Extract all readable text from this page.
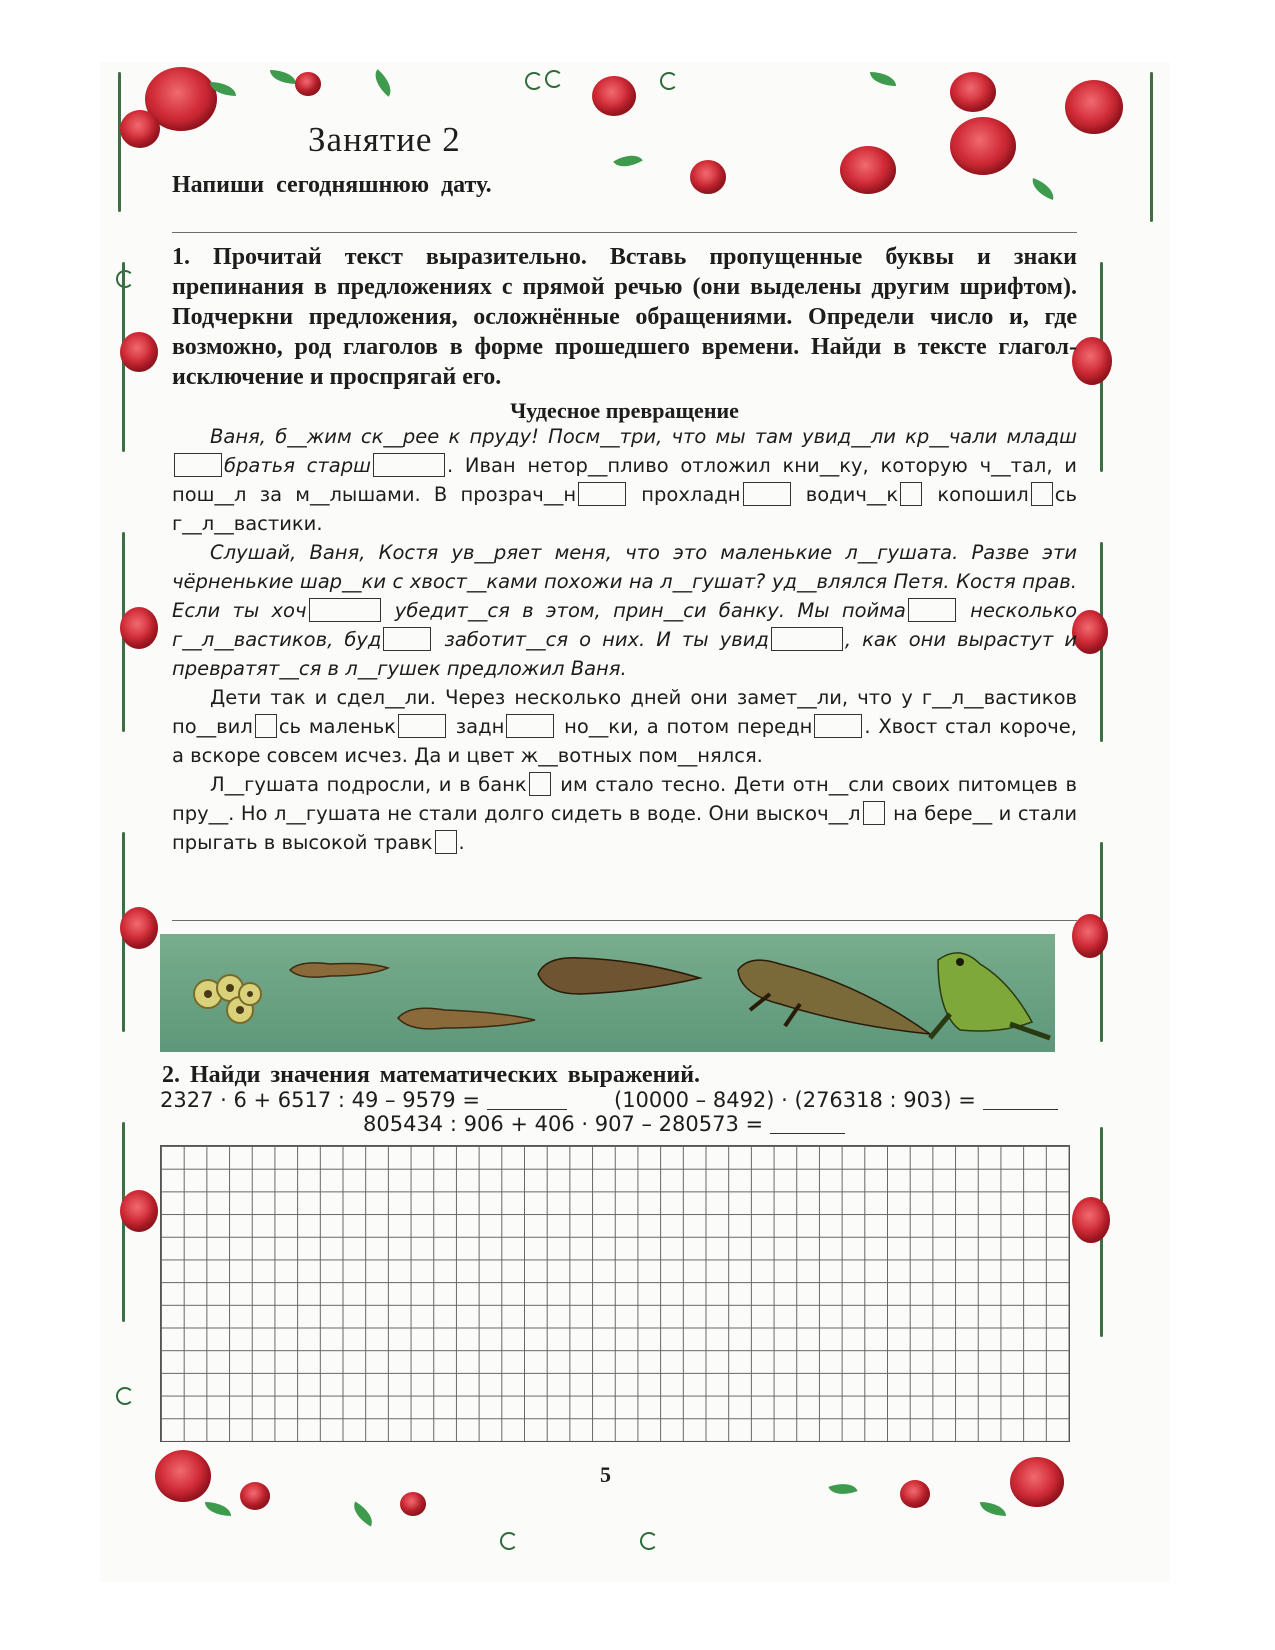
Занятие 2
Напиши сегодняшнюю дату.
1. Прочитай текст выразительно. Вставь пропущенные буквы и знаки препинания в предложениях с прямой речью (они выделены другим шрифтом). Подчеркни предложения, осложнённые обращениями. Определи число и, где возможно, род глаголов в форме прошедшего времени. Найди в тексте глагол-исключение и проспрягай его.
Чудесное превращение

Ваня, б__жим ск__рее к пруду! Посм__три, что мы там увид__ли кр__чали младшбратья старш	. Иван нетор__пливо отложил кни__ку, которую ч__тал, и пош__л за м__лышами. В прозрач__н	прохладн	водич__к копошил сь г__л__вастики.

Слушай, Ваня, Костя ув__ряет меня, что это маленькие л__гушата. Разве эти чёрненькие шар__ки с хвост__ками похожи на л__гушат? уд__влялся Петя. Костя прав. Если ты хоч	убедит__ся в этом, прин__си банку. Мы пойма	несколько г__л__вастиков, буд	заботит__ся о них. И ты увид	, как они вырастут и превратят__ся в л__гушек предложил Ваня.

Дети так и сдел__ли. Через несколько дней они замет__ли, что у г__л__вастиков по__вил сь маленьк	задн	но__ки, а потом передн	. Хвост стал короче, а вскоре совсем исчез. Да и цвет ж__вотных пом__нялся.

Л__гушата подросли, и в банк им стало тесно. Дети отн__сли своих питомцев в пру__. Но л__гушата не стали долго сидеть в воде. Они выскоч__л на бере__ и стали прыгать в высокой травк .

2. Найди значения математических выражений.
2327 · 6 + 6517 : 49 – 9579 =	(10000 – 8492) · (276318 : 903) =
805434 : 906 + 406 · 907 – 280573 =
5
